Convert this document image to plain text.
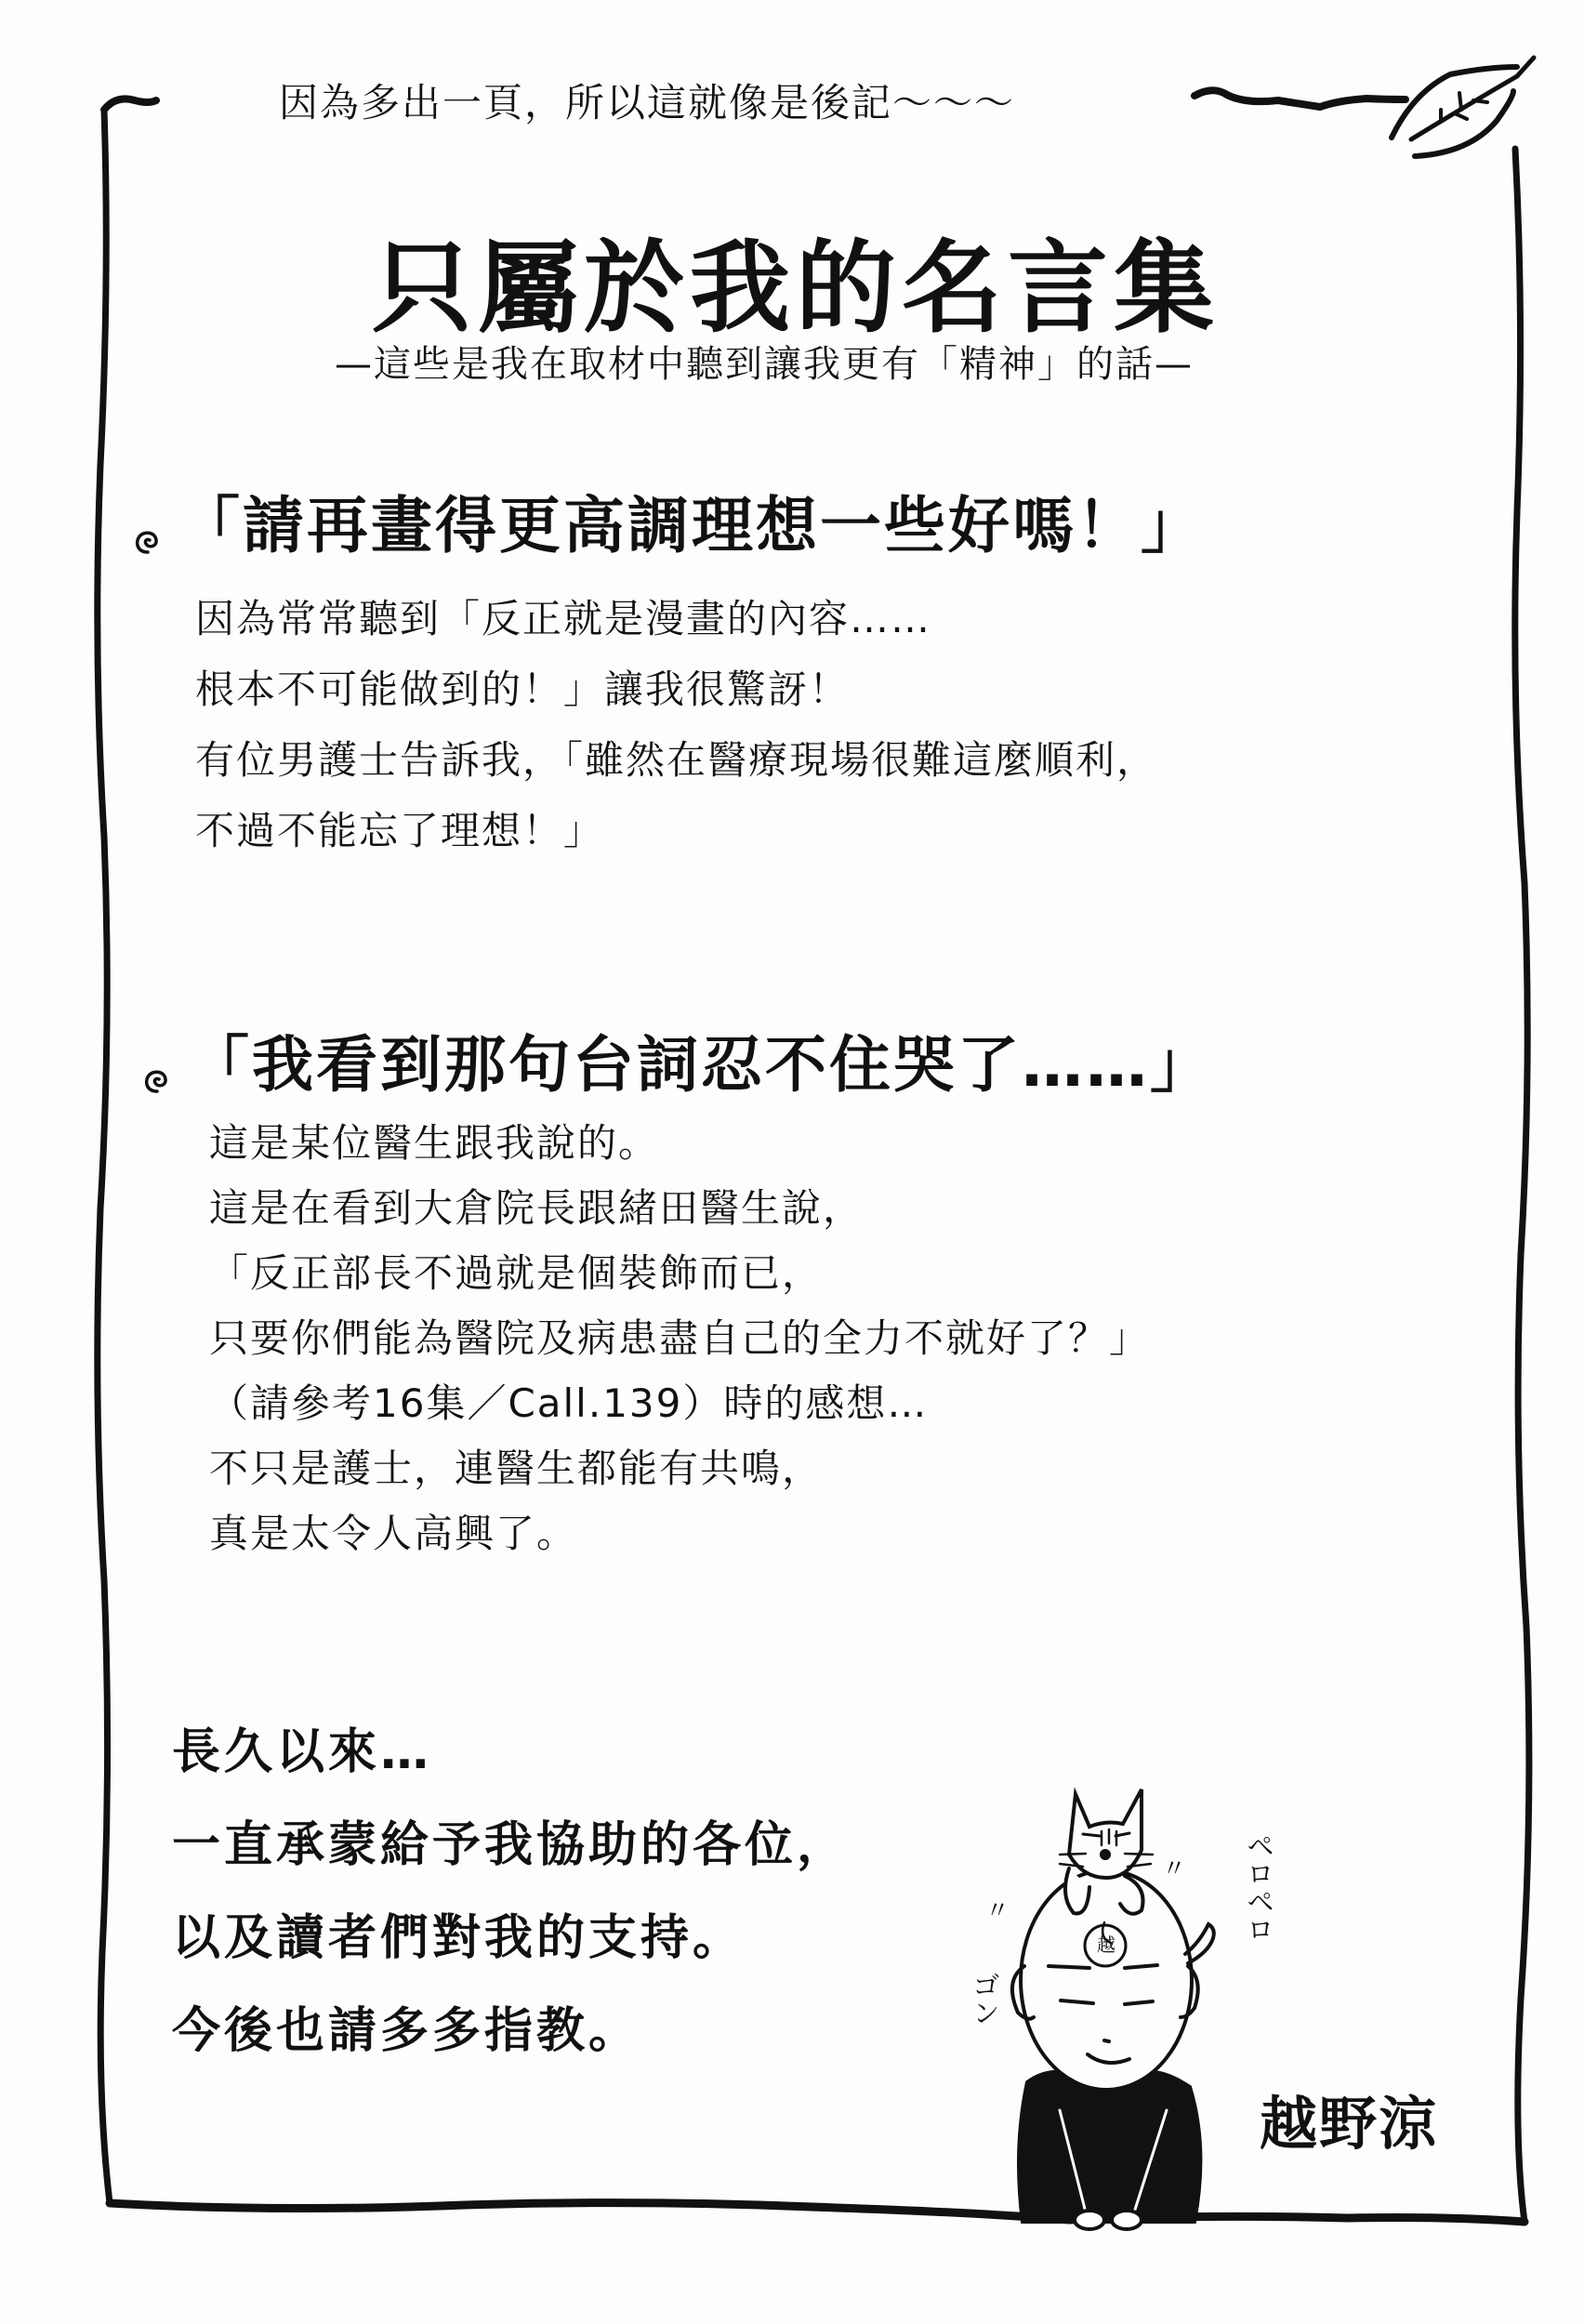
因為多出一頁，所以這就像是後記～～～
只屬於我的名言集
—這些是我在取材中聽到讓我更有「精神」的話—
「請再畫得更高調理想一些好嗎！」
因為常常聽到「反正就是漫畫的內容……
根本不可能做到的！」讓我很驚訝！
有位男護士告訴我，「雖然在醫療現場很難這麼順利，
不過不能忘了理想！」
「我看到那句台詞忍不住哭了……」
這是某位醫生跟我說的。
這是在看到大倉院長跟緒田醫生說，
「反正部長不過就是個裝飾而已，
只要你們能為醫院及病患盡自己的全力不就好了？」
（請參考16集／Call.139）時的感想…
不只是護士，連醫生都能有共鳴，
真是太令人高興了。
長久以來…
一直承蒙給予我協助的各位，
以及讀者們對我的支持。
今後也請多多指教。
ペロペロ
〃
ゴン
〃
越
越野涼
